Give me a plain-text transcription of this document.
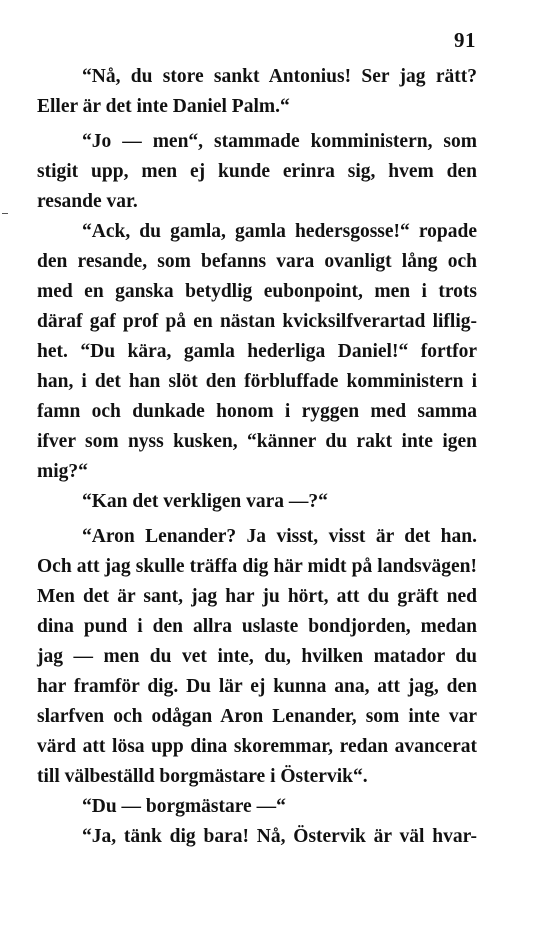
91
“Nå, du store sankt Antonius! Ser jag rätt?
Eller är det inte Daniel Palm.“
“Jo — men“, stammade komministern, som
stigit upp, men ej kunde erinra sig, hvem den
resande var.
“Ack, du gamla, gamla hedersgosse!“ ropade
den resande, som befanns vara ovanligt lång och
med en ganska betydlig eubonpoint, men i trots
däraf gaf prof på en nästan kvicksilfverartad liflig-
het. “Du kära, gamla hederliga Daniel!“ fortfor
han, i det han slöt den förbluffade komministern i
famn och dunkade honom i ryggen med samma
ifver som nyss kusken, “känner du rakt inte igen
mig?“
“Kan det verkligen vara —?“
“Aron Lenander? Ja visst, visst är det han.
Och att jag skulle träffa dig här midt på landsvägen!
Men det är sant, jag har ju hört, att du gräft ned
dina pund i den allra uslaste bondjorden, medan
jag — men du vet inte, du, hvilken matador du
har framför dig. Du lär ej kunna ana, att jag, den
slarfven och odågan Aron Lenander, som inte var
värd att lösa upp dina skoremmar, redan avancerat
till välbeställd borgmästare i Östervik“.
“Du — borgmästare —“
“Ja, tänk dig bara! Nå, Östervik är väl hvar-
